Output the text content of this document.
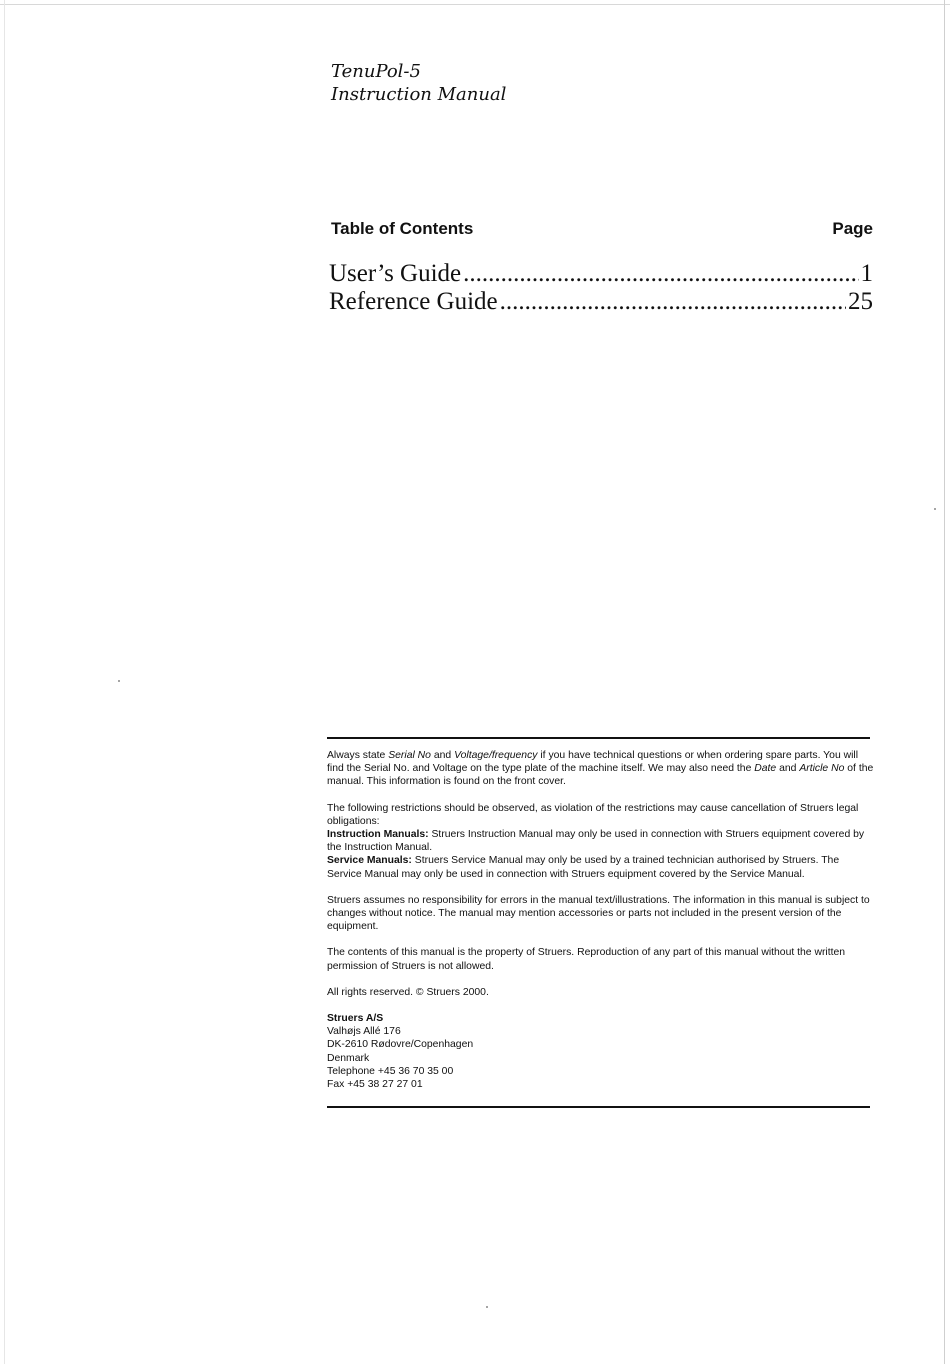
TenuPol-5
Instruction Manual
Table of Contents	Page
User’s Guide .....	1
Reference Guide .....	25

Always state Serial No and Voltage/frequency if you have technical questions or when ordering spare parts. You will find the Serial No. and Voltage on the type plate of the machine itself. We may also need the Date and Article No of the manual. This information is found on the front cover.

The following restrictions should be observed, as violation of the restrictions may cause cancellation of Struers legal obligations:
Instruction Manuals: Struers Instruction Manual may only be used in connection with Struers equipment covered by the Instruction Manual.
Service Manuals: Struers Service Manual may only be used by a trained technician authorised by Struers. The Service Manual may only be used in connection with Struers equipment covered by the Service Manual.

Struers assumes no responsibility for errors in the manual text/illustrations. The information in this manual is subject to changes without notice. The manual may mention accessories or parts not included in the present version of the equipment.

The contents of this manual is the property of Struers. Reproduction of any part of this manual without the written permission of Struers is not allowed.

All rights reserved. © Struers 2000.

Struers A/S
Valhøjs Allé 176
DK-2610 Rødovre/Copenhagen
Denmark
Telephone +45 36 70 35 00
Fax +45 38 27 27 01
